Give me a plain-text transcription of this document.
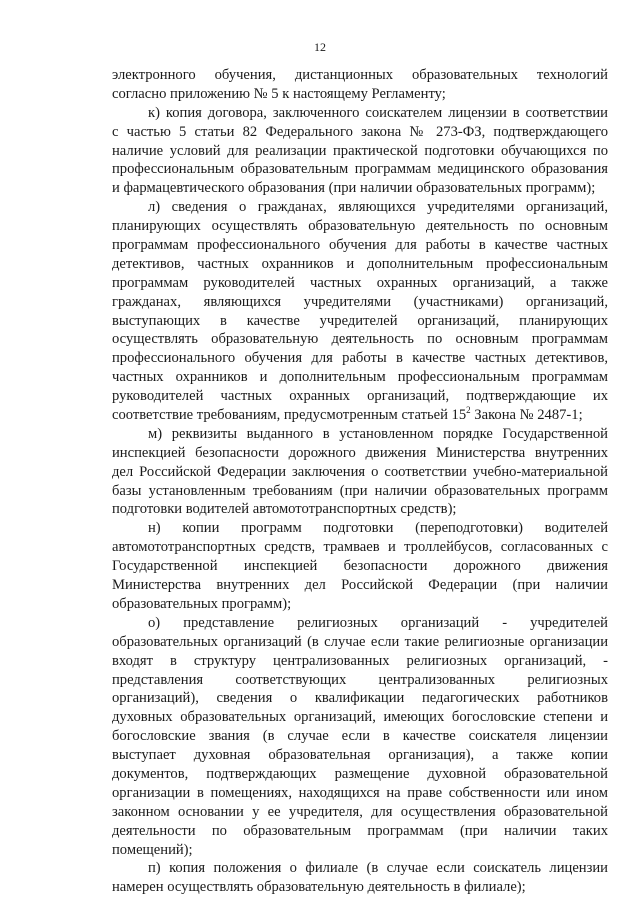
12
электронного обучения, дистанционных образовательных технологий
согласно приложению № 5 к настоящему Регламенту;
к) копия договора, заключенного соискателем лицензии в соответствии
с частью 5 статьи 82 Федерального закона № 273-ФЗ, подтверждающего
наличие условий для реализации практической подготовки обучающихся по
профессиональным образовательным программам медицинского образования
и фармацевтического образования (при наличии образовательных программ);
л) сведения о гражданах, являющихся учредителями организаций,
планирующих осуществлять образовательную деятельность по основным
программам профессионального обучения для работы в качестве частных
детективов, частных охранников и дополнительным профессиональным
программам руководителей частных охранных организаций, а также
гражданах, являющихся учредителями (участниками) организаций,
выступающих в качестве учредителей организаций, планирующих
осуществлять образовательную деятельность по основным программам
профессионального обучения для работы в качестве частных детективов,
частных охранников и дополнительным профессиональным программам
руководителей частных охранных организаций, подтверждающие их
соответствие требованиям, предусмотренным статьей $15^2$ Закона № 2487-1;
м) реквизиты выданного в установленном порядке Государственной
инспекцией безопасности дорожного движения Министерства внутренних
дел Российской Федерации заключения о соответствии учебно-материальной
базы установленным требованиям (при наличии образовательных программ
подготовки водителей автомототранспортных средств);
н) копии программ подготовки (переподготовки) водителей
автомототранспортных средств, трамваев и троллейбусов, согласованных с
Государственной инспекцией безопасности дорожного движения
Министерства внутренних дел Российской Федерации (при наличии
образовательных программ);
о) представление религиозных организаций - учредителей
образовательных организаций (в случае если такие религиозные организации
входят в структуру централизованных религиозных организаций, -
представления соответствующих централизованных религиозных
организаций), сведения о квалификации педагогических работников
духовных образовательных организаций, имеющих богословские степени и
богословские звания (в случае если в качестве соискателя лицензии
выступает духовная образовательная организация), а также копии
документов, подтверждающих размещение духовной образовательной
организации в помещениях, находящихся на праве собственности или ином
законном основании у ее учредителя, для осуществления образовательной
деятельности по образовательным программам (при наличии таких
помещений);
п) копия положения о филиале (в случае если соискатель лицензии
намерен осуществлять образовательную деятельность в филиале);
